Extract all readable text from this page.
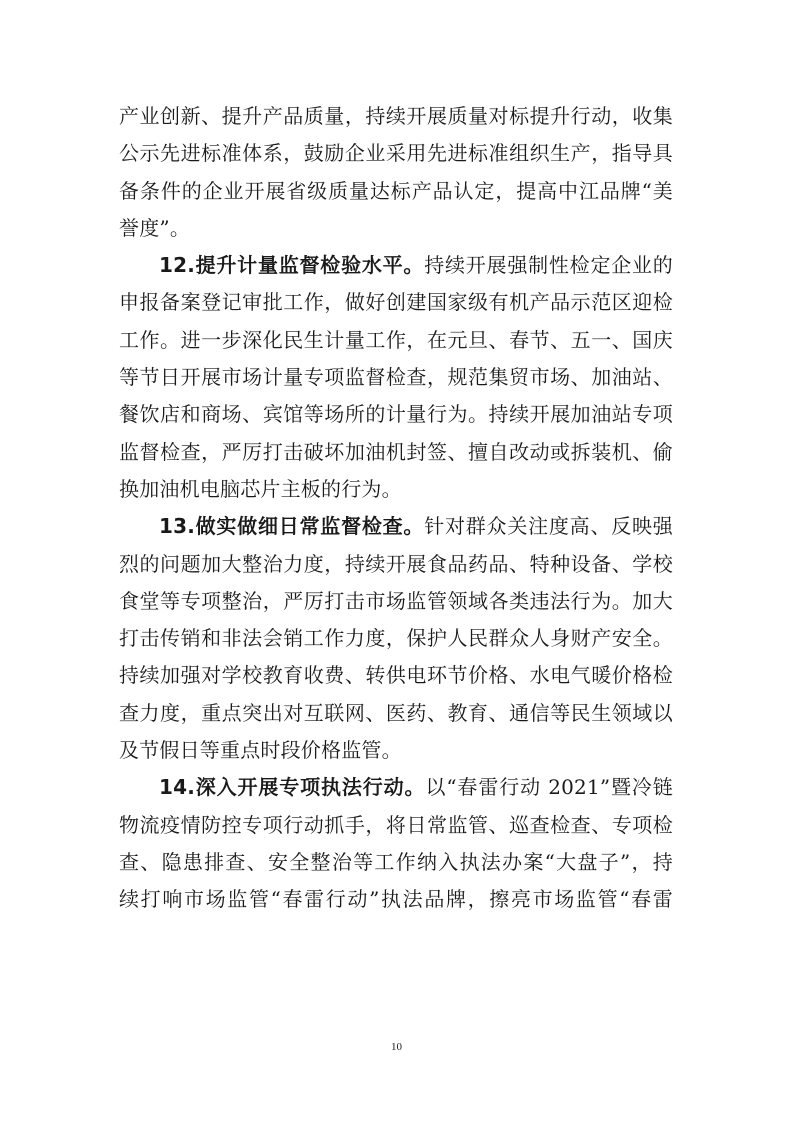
产业创新、提升产品质量，持续开展质量对标提升行动，收集
公示先进标准体系，鼓励企业采用先进标准组织生产，指导具
备条件的企业开展省级质量达标产品认定，提高中江品牌“美
誉度”。
12.提升计量监督检验水平。持续开展强制性检定企业的
申报备案登记审批工作，做好创建国家级有机产品示范区迎检
工作。进一步深化民生计量工作，在元旦、春节、五一、国庆
等节日开展市场计量专项监督检查，规范集贸市场、加油站、
餐饮店和商场、宾馆等场所的计量行为。持续开展加油站专项
监督检查，严厉打击破坏加油机封签、擅自改动或拆装机、偷
换加油机电脑芯片主板的行为。
13.做实做细日常监督检查。针对群众关注度高、反映强
烈的问题加大整治力度，持续开展食品药品、特种设备、学校
食堂等专项整治，严厉打击市场监管领域各类违法行为。加大
打击传销和非法会销工作力度，保护人民群众人身财产安全。
持续加强对学校教育收费、转供电环节价格、水电气暖价格检
查力度，重点突出对互联网、医药、教育、通信等民生领域以
及节假日等重点时段价格监管。
14.深入开展专项执法行动。以“春雷行动 2021”暨冷链
物流疫情防控专项行动抓手，将日常监管、巡查检查、专项检
查、隐患排查、安全整治等工作纳入执法办案“大盘子”，持
续打响市场监管“春雷行动”执法品牌，擦亮市场监管“春雷
10
